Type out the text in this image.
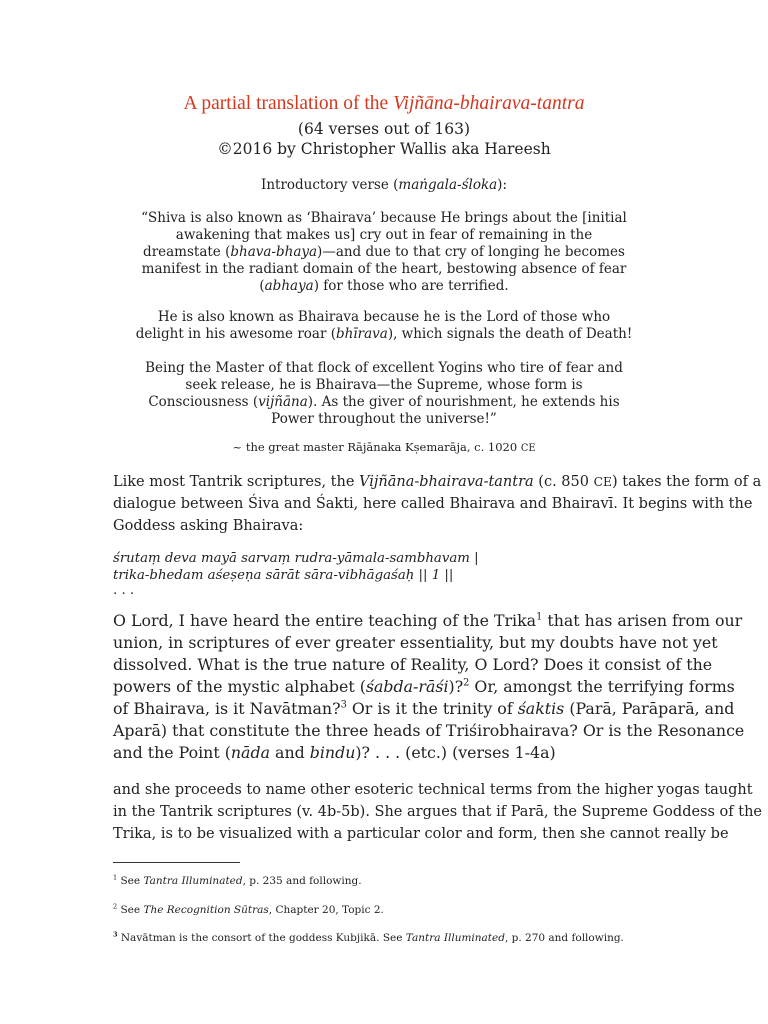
A partial translation of the Vijñāna-bhairava-tantra
(64 verses out of 163)
©2016 by Christopher Wallis aka Hareesh
Introductory verse (maṅgala-śloka):
“Shiva is also known as ‘Bhairava’ because He brings about the [initial
awakening that makes us] cry out in fear of remaining in the
dreamstate (bhava-bhaya)—and due to that cry of longing he becomes
manifest in the radiant domain of the heart, bestowing absence of fear
(abhaya) for those who are terrified.
He is also known as Bhairava because he is the Lord of those who
delight in his awesome roar (bhīrava), which signals the death of Death!
Being the Master of that flock of excellent Yogins who tire of fear and
seek release, he is Bhairava—the Supreme, whose form is
Consciousness (vijñāna). As the giver of nourishment, he extends his
Power throughout the universe!”
~ the great master Rājānaka Kṣemarāja, c. 1020 CE
Like most Tantrik scriptures, the Vijñāna-bhairava-tantra (c. 850 CE) takes the form of a
dialogue between Śiva and Śakti, here called Bhairava and Bhairavī. It begins with the
Goddess asking Bhairava:
śrutaṃ deva mayā sarvaṃ rudra-yāmala-sambhavam |
trika-bhedam aśeṣeṇa sārāt sāra-vibhāgaśaḥ || 1 ||
. . .
O Lord, I have heard the entire teaching of the Trika$^1$ that has arisen from our
union, in scriptures of ever greater essentiality, but my doubts have not yet
dissolved. What is the true nature of Reality, O Lord? Does it consist of the
powers of the mystic alphabet (śabda-rāśi)?$^2$ Or, amongst the terrifying forms
of Bhairava, is it Navātman?$^3$ Or is it the trinity of śaktis (Parā, Parāparā, and
Aparā) that constitute the three heads of Triśirobhairava? Or is the Resonance
and the Point (nāda and bindu)? . . . (etc.) (verses 1-4a)
and she proceeds to name other esoteric technical terms from the higher yogas taught
in the Tantrik scriptures (v. 4b-5b). She argues that if Parā, the Supreme Goddess of the
Trika, is to be visualized with a particular color and form, then she cannot really be
$^1$ See Tantra Illuminated, p. 235 and following.
$^2$ See The Recognition Sūtras, Chapter 20, Topic 2.
$^3$ Navātman is the consort of the goddess Kubjikā. See Tantra Illuminated, p. 270 and following.
